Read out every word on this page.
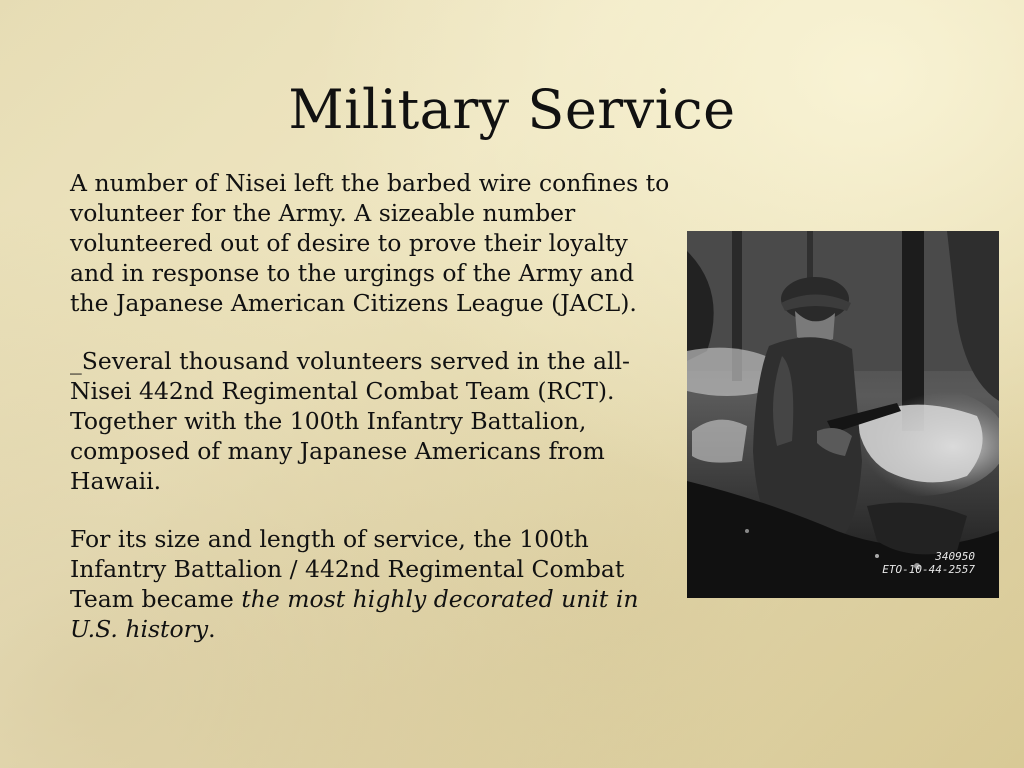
Military Service

A number of Nisei left the barbed wire confines to volunteer for the Army. A sizeable number volunteered out of desire to prove their loyalty and in response to the urgings of the Army and the Japanese American Citizens League (JACL).

_Several thousand volunteers served in the all-Nisei 442nd Regimental Combat Team (RCT). Together with the 100th Infantry Battalion, composed of many Japanese Americans from Hawaii.

For its size and length of service, the 100th Infantry Battalion / 442nd Regimental Combat Team became the most highly decorated unit in U.S. history.

340950
ETO-10-44-2557
